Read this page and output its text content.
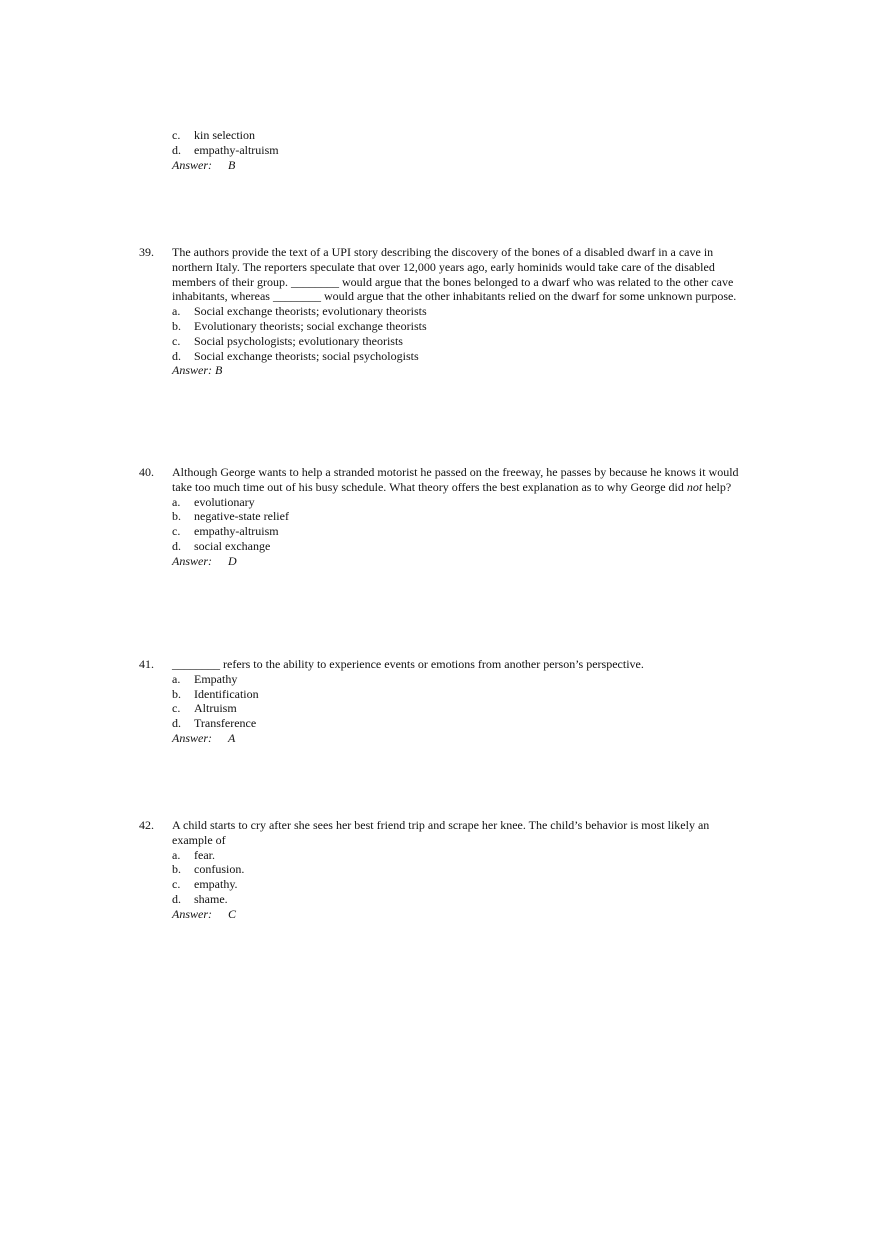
c. kin selection
d. empathy-altruism
Answer: B
39. The authors provide the text of a UPI story describing the discovery of the bones of a disabled dwarf in a cave in northern Italy. The reporters speculate that over 12,000 years ago, early hominids would take care of the disabled members of their group. ________ would argue that the bones belonged to a dwarf who was related to the other cave inhabitants, whereas ________ would argue that the other inhabitants relied on the dwarf for some unknown purpose.
a. Social exchange theorists; evolutionary theorists
b. Evolutionary theorists; social exchange theorists
c. Social psychologists; evolutionary theorists
d. Social exchange theorists; social psychologists
Answer: B
40. Although George wants to help a stranded motorist he passed on the freeway, he passes by because he knows it would take too much time out of his busy schedule. What theory offers the best explanation as to why George did not help?
a. evolutionary
b. negative-state relief
c. empathy-altruism
d. social exchange
Answer: D
41. ________ refers to the ability to experience events or emotions from another person’s perspective.
a. Empathy
b. Identification
c. Altruism
d. Transference
Answer: A
42. A child starts to cry after she sees her best friend trip and scrape her knee. The child’s behavior is most likely an example of
a. fear.
b. confusion.
c. empathy.
d. shame.
Answer: C
